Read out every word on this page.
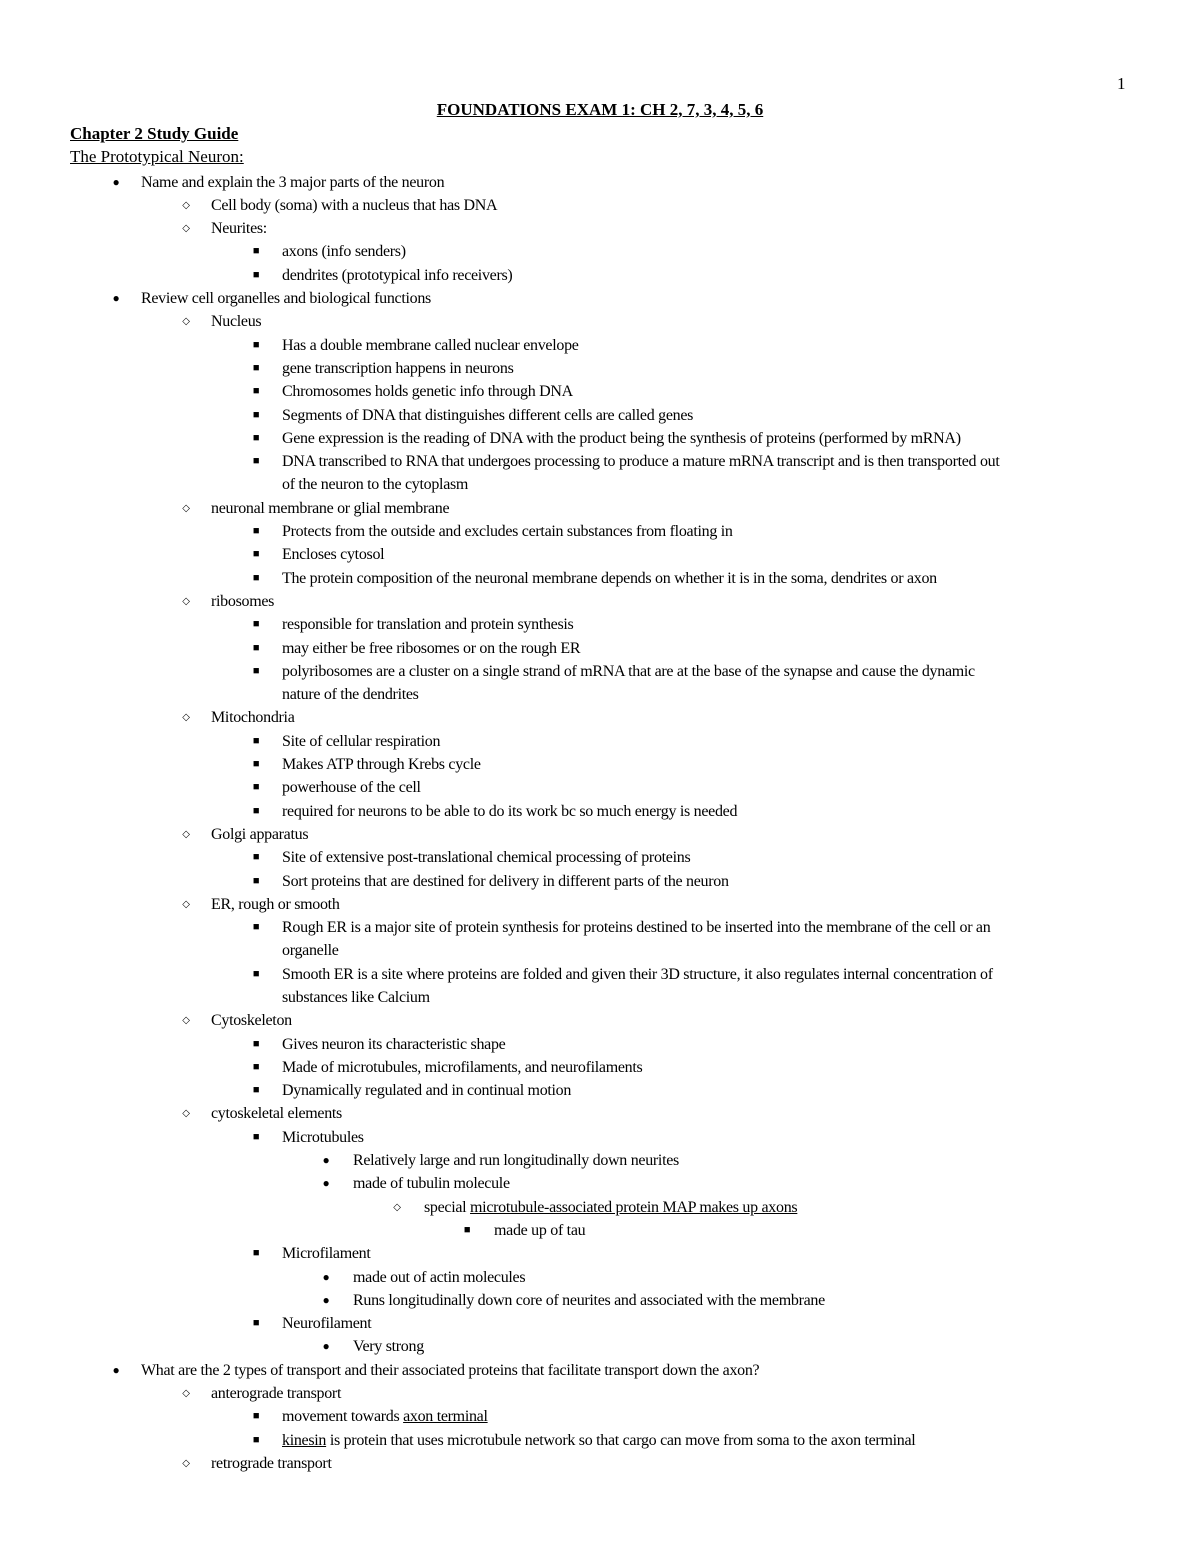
1
FOUNDATIONS EXAM 1: CH 2, 7, 3, 4, 5, 6
Chapter 2 Study Guide
The Prototypical Neuron:
●	Name and explain the 3 major parts of the neuron
◇	Cell body (soma) with a nucleus that has DNA
◇	Neurites:
■	axons (info senders)
■	dendrites (prototypical info receivers)
●	Review cell organelles and biological functions
◇	Nucleus
■	Has a double membrane called nuclear envelope
■	gene transcription happens in neurons
■	Chromosomes holds genetic info through DNA
■	Segments of DNA that distinguishes different cells are called genes
■	Gene expression is the reading of DNA with the product being the synthesis of proteins (performed by mRNA)
■	DNA transcribed to RNA that undergoes processing to produce a mature mRNA transcript and is then transported out
of the neuron to the cytoplasm
◇	neuronal membrane or glial membrane
■	Protects from the outside and excludes certain substances from floating in
■	Encloses cytosol
■	The protein composition of the neuronal membrane depends on whether it is in the soma, dendrites or axon
◇	ribosomes
■	responsible for translation and protein synthesis
■	may either be free ribosomes or on the rough ER
■	polyribosomes are a cluster on a single strand of mRNA that are at the base of the synapse and cause the dynamic
nature of the dendrites
◇	Mitochondria
■	Site of cellular respiration
■	Makes ATP through Krebs cycle
■	powerhouse of the cell
■	required for neurons to be able to do its work bc so much energy is needed
◇	Golgi apparatus
■	Site of extensive post-translational chemical processing of proteins
■	Sort proteins that are destined for delivery in different parts of the neuron
◇	ER, rough or smooth
■	Rough ER is a major site of protein synthesis for proteins destined to be inserted into the membrane of the cell or an
organelle
■	Smooth ER is a site where proteins are folded and given their 3D structure, it also regulates internal concentration of
substances like Calcium
◇	Cytoskeleton
■	Gives neuron its characteristic shape
■	Made of microtubules, microfilaments, and neurofilaments
■	Dynamically regulated and in continual motion
◇	cytoskeletal elements
■	Microtubules
●	Relatively large and run longitudinally down neurites
●	made of tubulin molecule
◇	special microtubule-associated protein MAP makes up axons
■	made up of tau
■	Microfilament
●	made out of actin molecules
●	Runs longitudinally down core of neurites and associated with the membrane
■	Neurofilament
●	Very strong
●	What are the 2 types of transport and their associated proteins that facilitate transport down the axon?
◇	anterograde transport
■	movement towards axon terminal
■	kinesin is protein that uses microtubule network so that cargo can move from soma to the axon terminal
◇	retrograde transport
